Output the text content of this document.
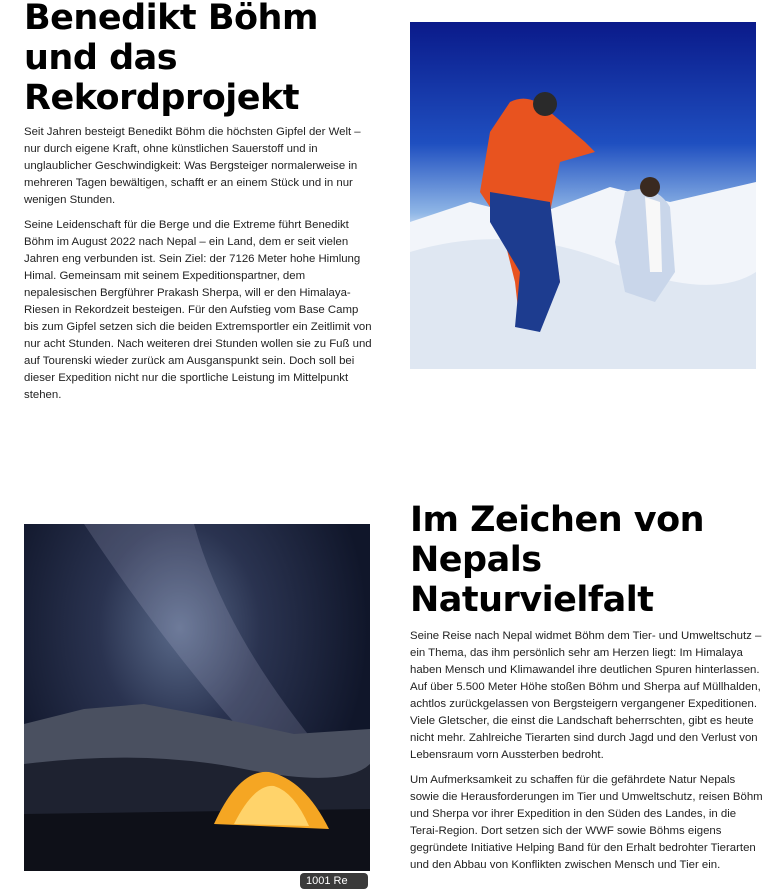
Benedikt Böhm
und das
Rekordprojekt

Seit Jahren besteigt Benedikt Böhm die höchsten Gipfel der Welt – nur durch eigene Kraft, ohne künstlichen Sauerstoff und in unglaublicher Geschwindigkeit: Was Bergsteiger normalerweise in mehreren Tagen bewältigen, schafft er an einem Stück und in nur wenigen Stunden.

Seine Leidenschaft für die Berge und die Extreme führt Benedikt Böhm im August 2022 nach Nepal – ein Land, dem er seit vielen Jahren eng verbunden ist. Sein Ziel: der 7126 Meter hohe Himlung Himal. Gemeinsam mit seinem Expeditionspartner, dem nepalesischen Bergführer Prakash Sherpa, will er den Himalaya-Riesen in Rekordzeit besteigen. Für den Aufstieg vom Base Camp bis zum Gipfel setzen sich die beiden Extremsportler ein Zeitlimit von nur acht Stunden. Nach weiteren drei Stunden wollen sie zu Fuß und auf Tourenski wieder zurück am Ausganspunkt sein. Doch soll bei dieser Expedition nicht nur die sportliche Leistung im Mittelpunkt stehen.

Im Zeichen von
Nepals
Naturvielfalt

Seine Reise nach Nepal widmet Böhm dem Tier- und Umweltschutz – ein Thema, das ihm persönlich sehr am Herzen liegt: Im Himalaya haben Mensch und Klimawandel ihre deutlichen Spuren hinterlassen. Auf über 5.500 Meter Höhe stoßen Böhm und Sherpa auf Müllhalden, achtlos zurückgelassen von Bergsteigern vergangener Expeditionen. Viele Gletscher, die einst die Landschaft beherrschten, gibt es heute nicht mehr. Zahlreiche Tierarten sind durch Jagd und den Verlust von Lebensraum vorn Aussterben bedroht.

Um Aufmerksamkeit zu schaffen für die gefährdete Natur Nepals sowie die Herausforderungen im Tier und Umweltschutz, reisen Böhm und Sherpa vor ihrer Expedition in den Süden des Landes, in die Terai-Region. Dort setzen sich der WWF sowie Böhms eigens gegründete Initiative Helping Band für den Erhalt bedrohter Tierarten und den Abbau von Konflikten zwischen Mensch und Tier ein.

1001 Re
